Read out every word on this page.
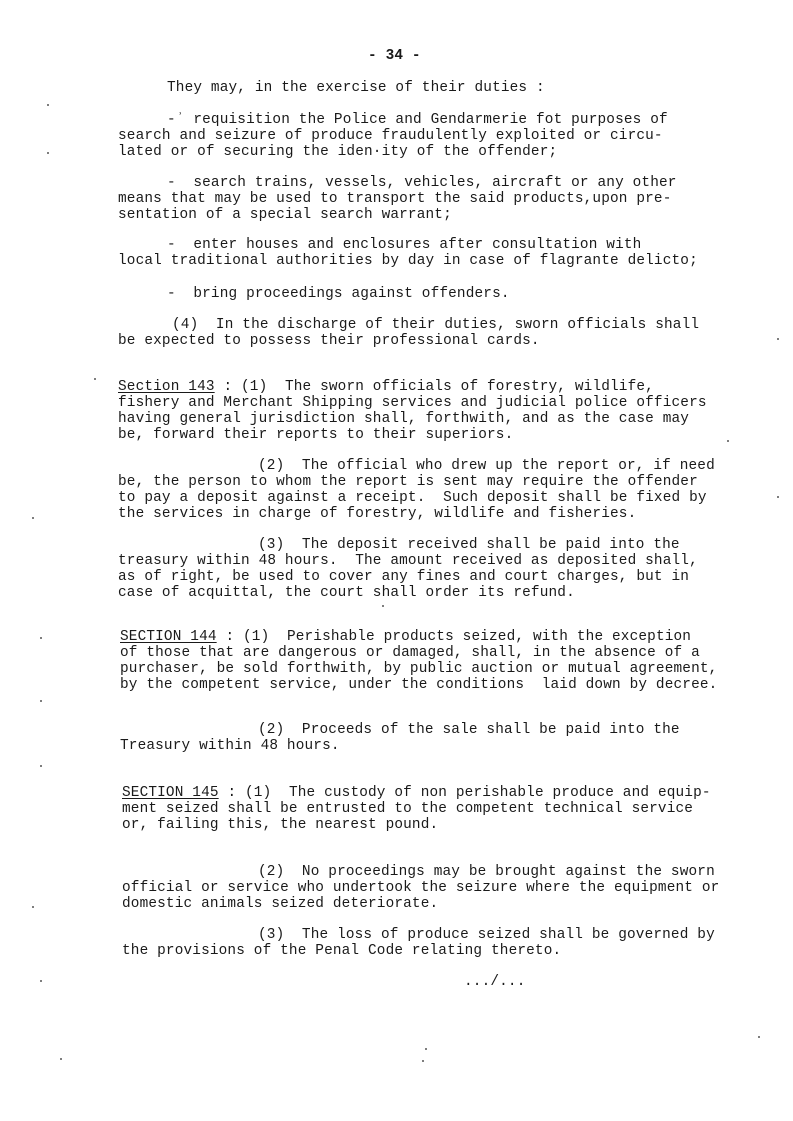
- 34 -
They may, in the exercise of their duties :
-ʾ requisition the Police and Gendarmerie fot purposes of
search and seizure of produce fraudulently exploited or circu-
lated or of securing the iden·ity of the offender;
-  search trains, vessels, vehicles, aircraft or any other
means that may be used to transport the said products,upon pre-
sentation of a special search warrant;
-  enter houses and enclosures after consultation with
local traditional authorities by day in case of flagrante delicto;
-  bring proceedings against offenders.
(4)  In the discharge of their duties, sworn officials shall
be expected to possess their professional cards.
Section 143 : (1)  The sworn officials of forestry, wildlife,
fishery and Merchant Shipping services and judicial police officers
having general jurisdiction shall, forthwith, and as the case may
be, forward their reports to their superiors.
(2)  The official who drew up the report or, if need
be, the person to whom the report is sent may require the offender
to pay a deposit against a receipt.  Such deposit shall be fixed by
the services in charge of forestry, wildlife and fisheries.
(3)  The deposit received shall be paid into the
treasury within 48 hours.  The amount received as deposited shall,
as of right, be used to cover any fines and court charges, but in
case of acquittal, the court shall order its refund.
SECTION 144 : (1)  Perishable products seized, with the exception
of those that are dangerous or damaged, shall, in the absence of a
purchaser, be sold forthwith, by public auction or mutual agreement,
by the competent service, under the conditions  laid down by decree.
(2)  Proceeds of the sale shall be paid into the
Treasury within 48 hours.
SECTION 145 : (1)  The custody of non perishable produce and equip-
ment seized shall be entrusted to the competent technical service
or, failing this, the nearest pound.
(2)  No proceedings may be brought against the sworn
official or service who undertook the seizure where the equipment or
domestic animals seized deteriorate.
(3)  The loss of produce seized shall be governed by
the provisions of the Penal Code relating thereto.
.../...
